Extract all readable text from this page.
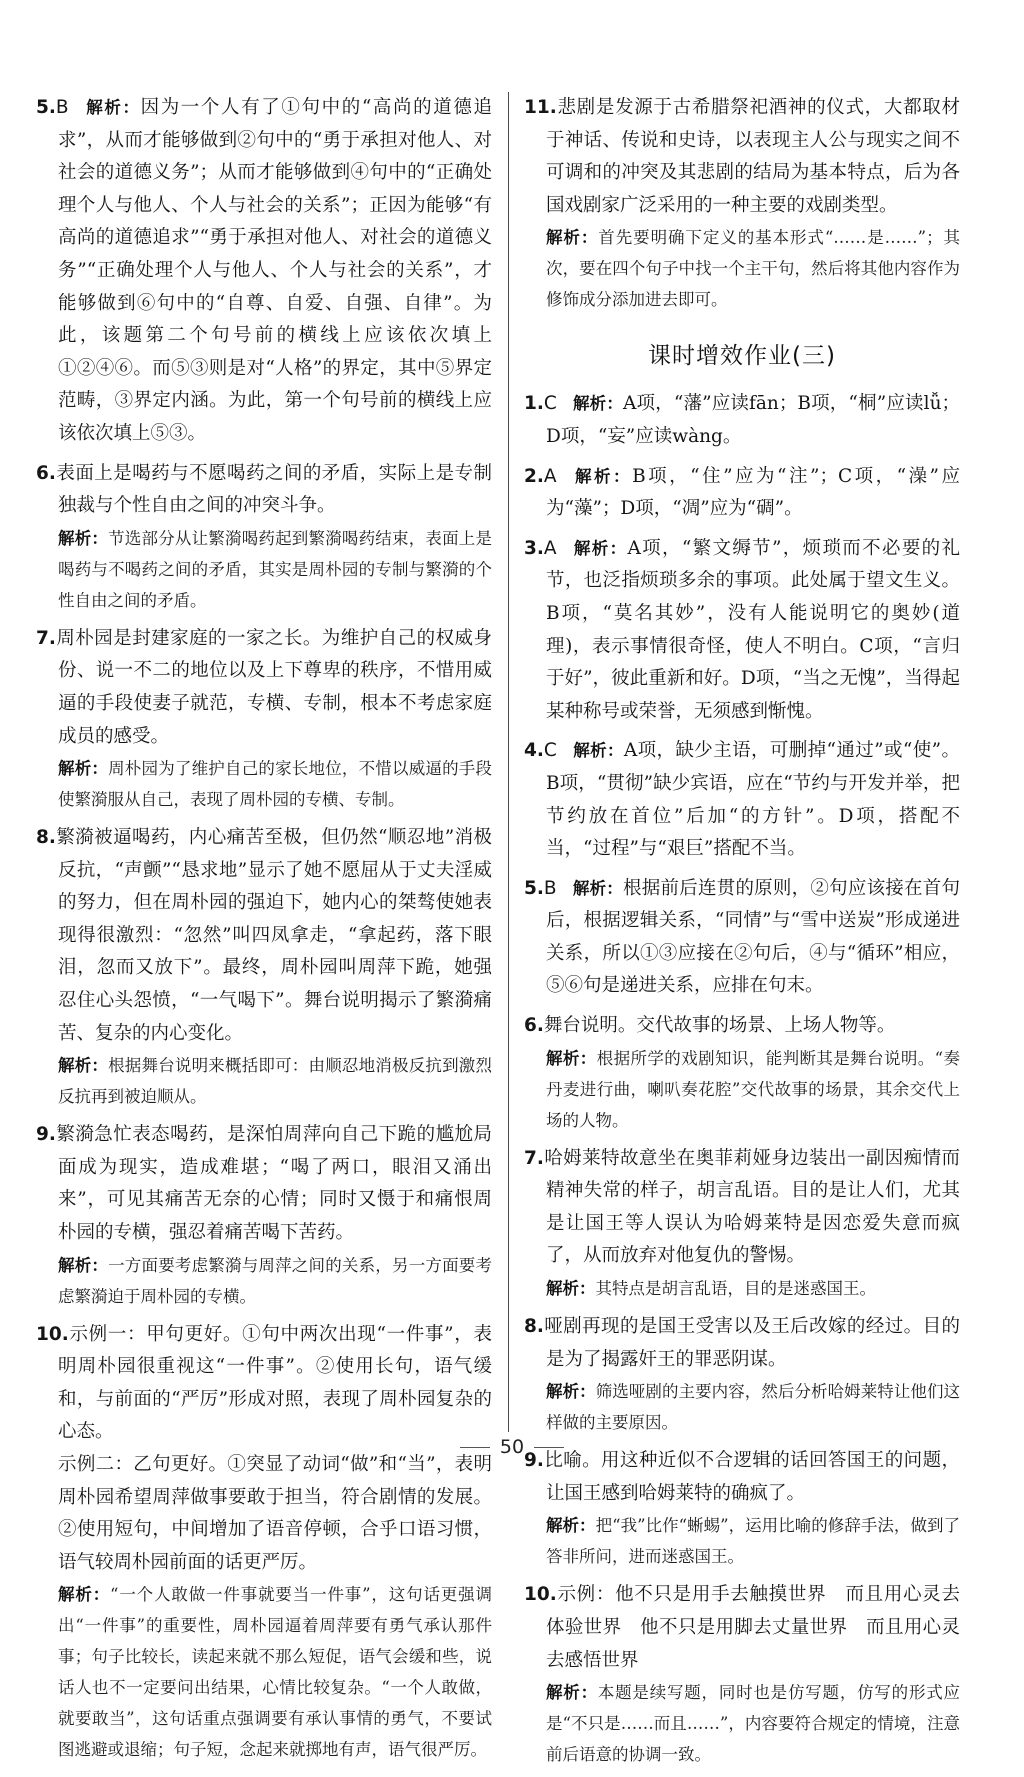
5.B 解析：因为一个人有了①句中的“高尚的道德追求”，从而才能够做到②句中的“勇于承担对他人、对社会的道德义务”；从而才能够做到④句中的“正确处理个人与他人、个人与社会的关系”；正因为能够“有高尚的道德追求”“勇于承担对他人、对社会的道德义务”“正确处理个人与他人、个人与社会的关系”，才能够做到⑥句中的“自尊、自爱、自强、自律”。为此，该题第二个句号前的横线上应该依次填上①②④⑥。而⑤③则是对“人格”的界定，其中⑤界定范畴，③界定内涵。为此，第一个句号前的横线上应该依次填上⑤③。

6.表面上是喝药与不愿喝药之间的矛盾，实际上是专制独裁与个性自由之间的冲突斗争。

解析：节选部分从让繁漪喝药起到繁漪喝药结束，表面上是喝药与不喝药之间的矛盾，其实是周朴园的专制与繁漪的个性自由之间的矛盾。

7.周朴园是封建家庭的一家之长。为维护自己的权威身份、说一不二的地位以及上下尊卑的秩序，不惜用威逼的手段使妻子就范，专横、专制，根本不考虑家庭成员的感受。

解析：周朴园为了维护自己的家长地位，不惜以威逼的手段使繁漪服从自己，表现了周朴园的专横、专制。

8.繁漪被逼喝药，内心痛苦至极，但仍然“顺忍地”消极反抗，“声颤”“恳求地”显示了她不愿屈从于丈夫淫威的努力，但在周朴园的强迫下，她内心的桀骜使她表现得很激烈：“忽然”叫四凤拿走，“拿起药，落下眼泪，忽而又放下”。最终，周朴园叫周萍下跪，她强忍住心头怨愤，“一气喝下”。舞台说明揭示了繁漪痛苦、复杂的内心变化。

解析：根据舞台说明来概括即可：由顺忍地消极反抗到激烈反抗再到被迫顺从。

9.繁漪急忙表态喝药，是深怕周萍向自己下跪的尴尬局面成为现实，造成难堪；“喝了两口，眼泪又涌出来”，可见其痛苦无奈的心情；同时又慑于和痛恨周朴园的专横，强忍着痛苦喝下苦药。

解析：一方面要考虑繁漪与周萍之间的关系，另一方面要考虑繁漪迫于周朴园的专横。

10.示例一：甲句更好。①句中两次出现“一件事”，表明周朴园很重视这“一件事”。②使用长句，语气缓和，与前面的“严厉”形成对照，表现了周朴园复杂的心态。

示例二：乙句更好。①突显了动词“做”和“当”，表明周朴园希望周萍做事要敢于担当，符合剧情的发展。②使用短句，中间增加了语音停顿，合乎口语习惯，语气较周朴园前面的话更严厉。

解析：“一个人敢做一件事就要当一件事”，这句话更强调出“一件事”的重要性，周朴园逼着周萍要有勇气承认那件事；句子比较长，读起来就不那么短促，语气会缓和些，说话人也不一定要问出结果，心情比较复杂。“一个人敢做，就要敢当”，这句话重点强调要有承认事情的勇气，不要试图逃避或退缩；句子短，念起来就掷地有声，语气很严厉。

11.悲剧是发源于古希腊祭祀酒神的仪式，大都取材于神话、传说和史诗，以表现主人公与现实之间不可调和的冲突及其悲剧的结局为基本特点，后为各国戏剧家广泛采用的一种主要的戏剧类型。

解析：首先要明确下定义的基本形式“……是……”；其次，要在四个句子中找一个主干句，然后将其他内容作为修饰成分添加进去即可。

课时增效作业(三)

1.C 解析：A项，“藩”应读fān；B项，“桐”应读lǚ；D项，“妄”应读wàng。

2.A 解析：B项，“住”应为“注”；C项，“澡”应为“藻”；D项，“凋”应为“碉”。

3.A 解析：A项，“繁文缛节”，烦琐而不必要的礼节，也泛指烦琐多余的事项。此处属于望文生义。B项，“莫名其妙”，没有人能说明它的奥妙(道理)，表示事情很奇怪，使人不明白。C项，“言归于好”，彼此重新和好。D项，“当之无愧”，当得起某种称号或荣誉，无须感到惭愧。

4.C 解析：A项，缺少主语，可删掉“通过”或“使”。B项，“贯彻”缺少宾语，应在“节约与开发并举，把节约放在首位”后加“的方针”。D项，搭配不当，“过程”与“艰巨”搭配不当。

5.B 解析：根据前后连贯的原则，②句应该接在首句后，根据逻辑关系，“同情”与“雪中送炭”形成递进关系，所以①③应接在②句后，④与“循环”相应，⑤⑥句是递进关系，应排在句末。

6.舞台说明。交代故事的场景、上场人物等。

解析：根据所学的戏剧知识，能判断其是舞台说明。“奏丹麦进行曲，喇叭奏花腔”交代故事的场景，其余交代上场的人物。

7.哈姆莱特故意坐在奥菲莉娅身边装出一副因痴情而精神失常的样子，胡言乱语。目的是让人们，尤其是让国王等人误认为哈姆莱特是因恋爱失意而疯了，从而放弃对他复仇的警惕。

解析：其特点是胡言乱语，目的是迷惑国王。

8.哑剧再现的是国王受害以及王后改嫁的经过。目的是为了揭露奸王的罪恶阴谋。

解析：筛选哑剧的主要内容，然后分析哈姆莱特让他们这样做的主要原因。

9.比喻。用这种近似不合逻辑的话回答国王的问题，让国王感到哈姆莱特的确疯了。

解析：把“我”比作“蜥蜴”，运用比喻的修辞手法，做到了答非所问，进而迷惑国王。

10.示例：他不只是用手去触摸世界　而且用心灵去体验世界　他不只是用脚去丈量世界　而且用心灵去感悟世界

解析：本题是续写题，同时也是仿写题，仿写的形式应是“不只是……而且……”，内容要符合规定的情境，注意前后语意的协调一致。

50
